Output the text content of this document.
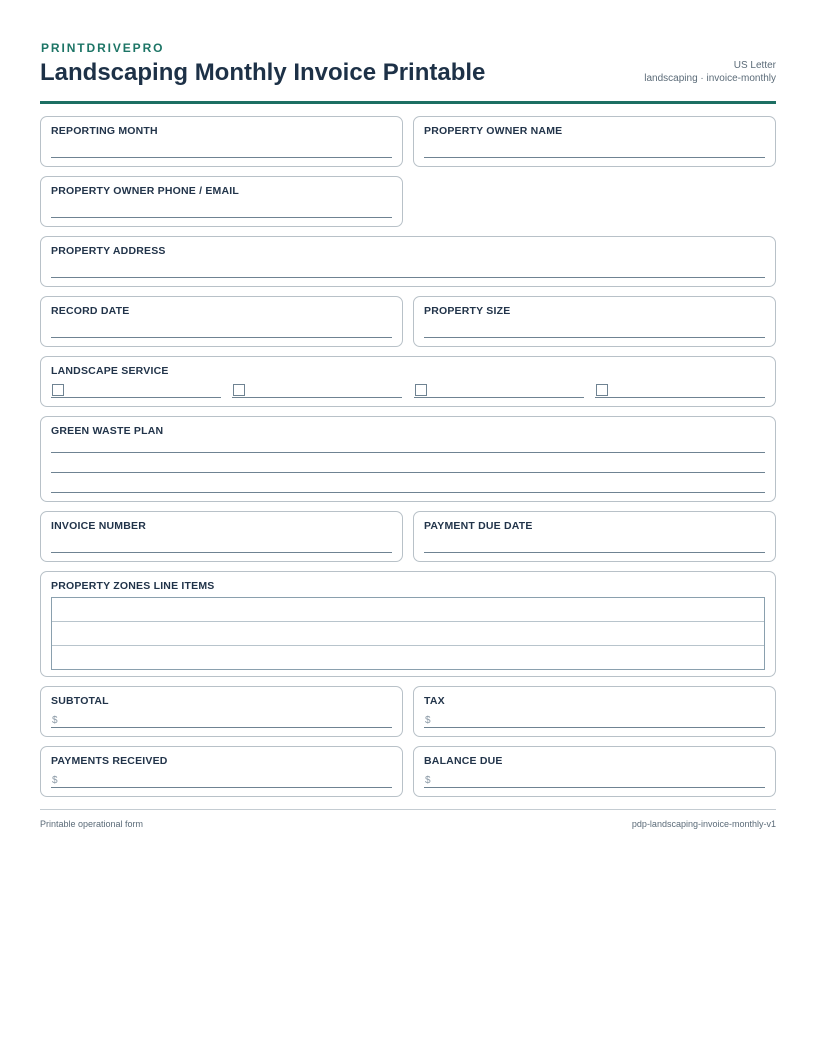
PRINTDRIVEPRO
Landscaping Monthly Invoice Printable	US Letter
landscaping · invoice-monthly
REPORTING MONTH	PROPERTY OWNER NAME
PROPERTY OWNER PHONE / EMAIL
PROPERTY ADDRESS
RECORD DATE	PROPERTY SIZE
LANDSCAPE SERVICE
GREEN WASTE PLAN
INVOICE NUMBER	PAYMENT DUE DATE
PROPERTY ZONES LINE ITEMS
SUBTOTAL
$
TAX
$
PAYMENTS RECEIVED
$
BALANCE DUE
$
Printable operational form	pdp-landscaping-invoice-monthly-v1
